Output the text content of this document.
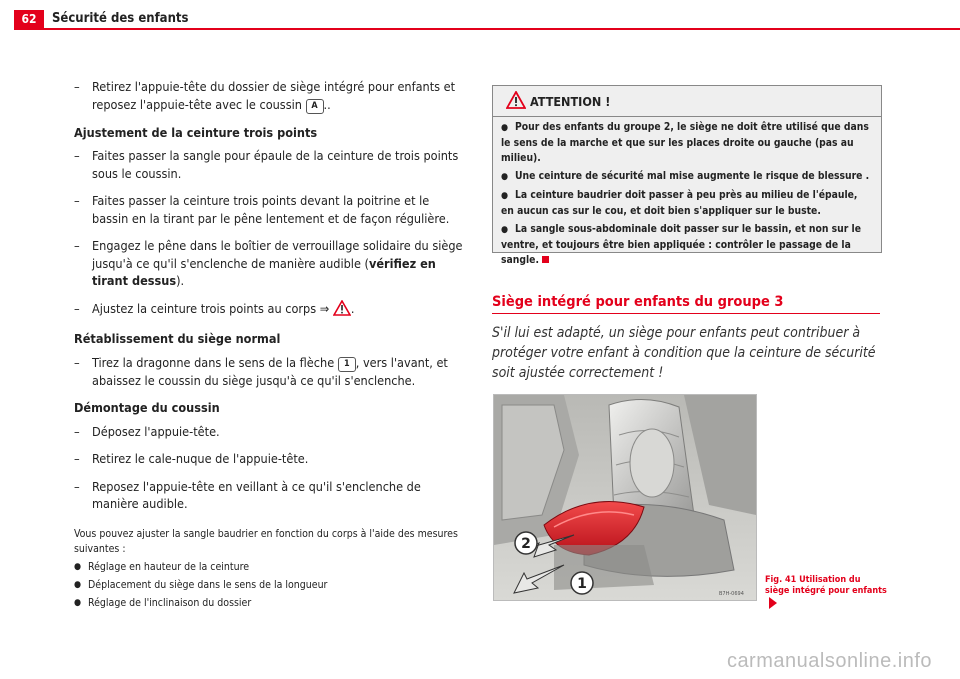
62	Sécurité des enfants
– Retirez l'appuie-tête du dossier de siège intégré pour enfants et reposez l'appuie-tête avec le coussin A ..
Ajustement de la ceinture trois points
– Faites passer la sangle pour épaule de la ceinture de trois points sous le coussin.
– Faites passer la ceinture trois points devant la poitrine et le bassin en la tirant par le pêne lentement et de façon régulière.
– Engagez le pêne dans le boîtier de verrouillage solidaire du siège jusqu'à ce qu'il s'enclenche de manière audible (vérifiez en tirant dessus).
– Ajustez la ceinture trois points au corps ⇒ .
Rétablissement du siège normal
– Tirez la dragonne dans le sens de la flèche 1 , vers l'avant, et abaissez le coussin du siège jusqu'à ce qu'il s'enclenche.
Démontage du coussin
– Déposez l'appuie-tête.
– Retirez le cale-nuque de l'appuie-tête.
– Reposez l'appuie-tête en veillant à ce qu'il s'enclenche de manière audible.
Vous pouvez ajuster la sangle baudrier en fonction du corps à l'aide des mesures suivantes :
● Réglage en hauteur de la ceinture
● Déplacement du siège dans le sens de la longueur
● Réglage de l'inclinaison du dossier
ATTENTION !
● Pour des enfants du groupe 2, le siège ne doit être utilisé que dans le sens de la marche et que sur les places droite ou gauche (pas au milieu).
● Une ceinture de sécurité mal mise augmente le risque de blessure .
● La ceinture baudrier doit passer à peu près au milieu de l'épaule, en aucun cas sur le cou, et doit bien s'appliquer sur le buste.
● La sangle sous-abdominale doit passer sur le bassin, et non sur le ventre, et toujours être bien appliquée : contrôler le passage de la sangle.
Siège intégré pour enfants du groupe 3
S'il lui est adapté, un siège pour enfants peut contribuer à protéger votre enfant à condition que la ceinture de sécurité soit ajustée correctement !
2
1
B7H-0694
Fig. 41 Utilisation du
siège intégré pour enfants
carmanualsonline.info
